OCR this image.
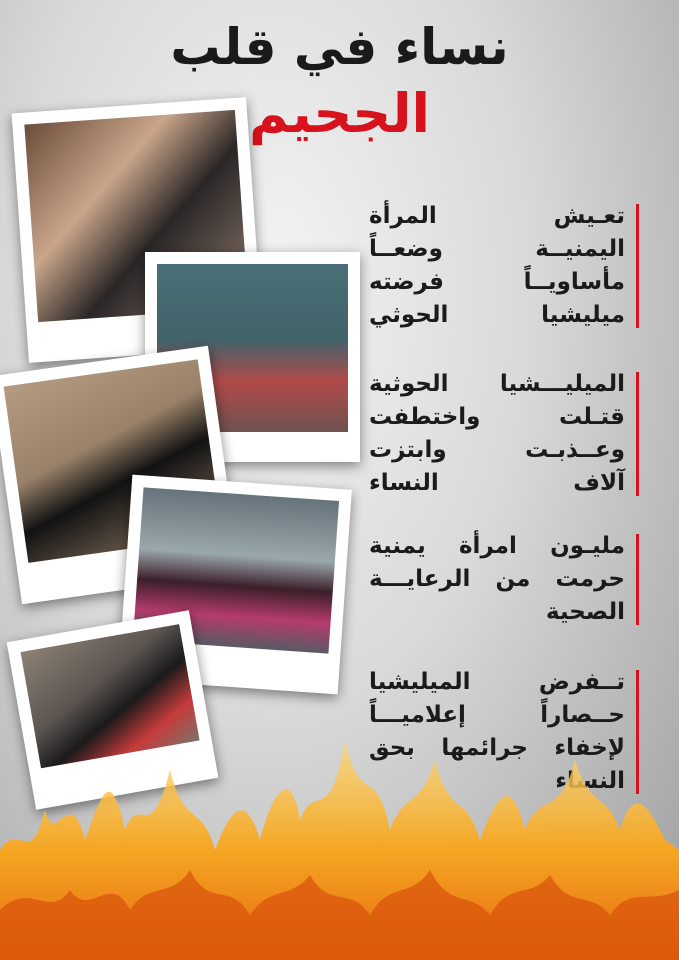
نساء في قلب
الجحيم
تعـيش المرأة
اليمنيــة وضعــاً
مأساويــاً فرضته
ميليشيا الحوثي
الميليـــشيا الحوثية
قتـلت واختطفت
وعــذبـت وابتزت
آلاف النساء
مليـون امرأة يمنية
حرمت من الرعايـــة
الصحية
تــفرض الميليشيا
حــصاراً إعلاميـــاً
لإخفاء جرائمها بحق
النساء
